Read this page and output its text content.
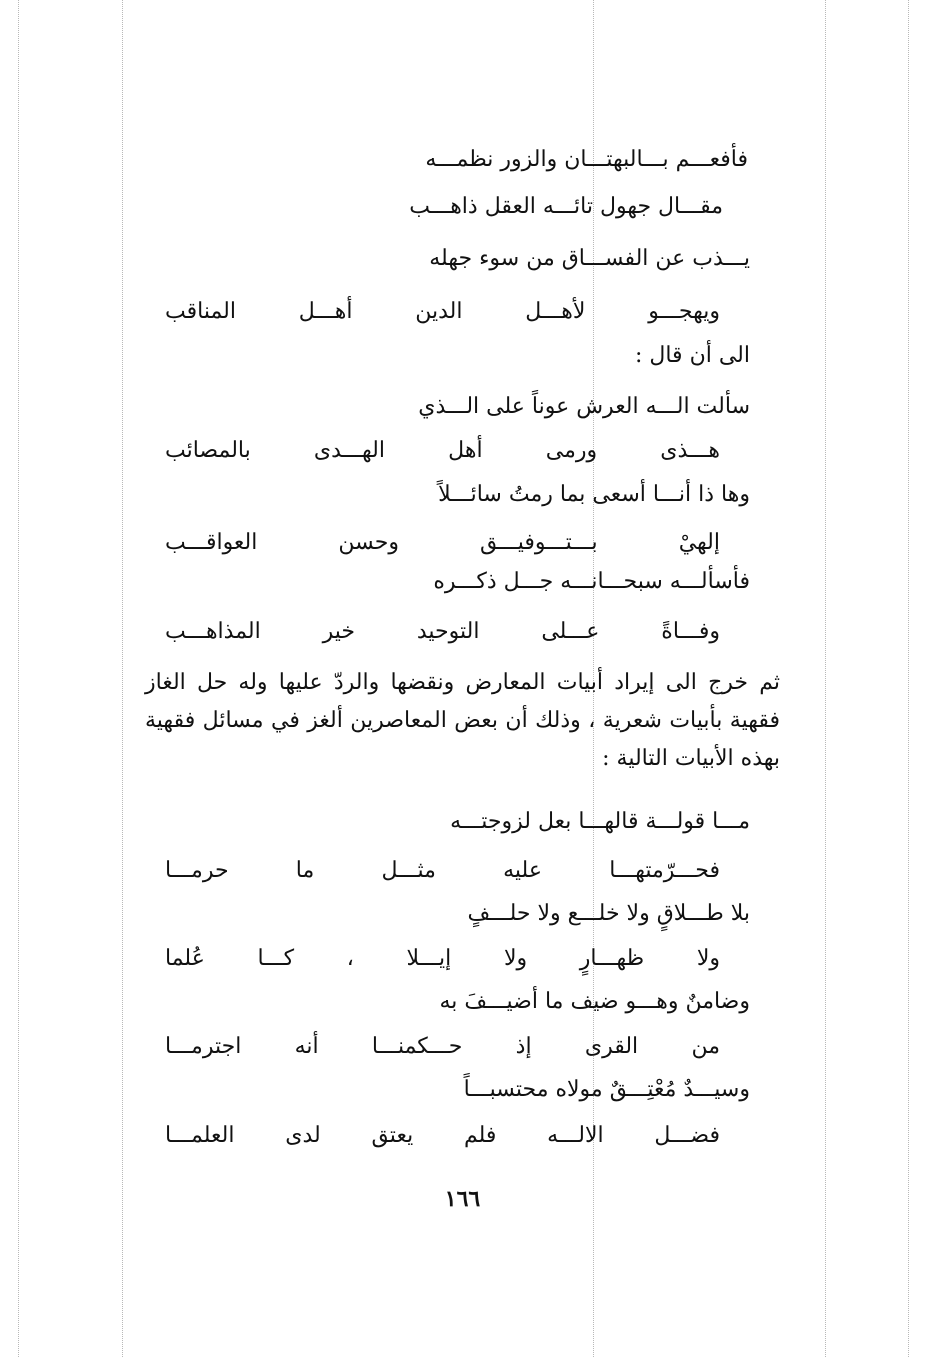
فأفعـــم بـــالبهتـــان والزور نظمـــه
مقـــال جهول تائـــه العقل ذاهـــب
يـــذب عن الفســـاق من سوء جهله
ويهجـــو لأهـــل الدين أهـــل المناقب
الى أن قال :
سألت الـــه العرش عوناً على الـــذي
هـــذى ورمى أهل الهـــدى بالمصائب
وها ذا أنـــا أسعى بما رمتُ سائـــلاً
إلهيْ بـــتـــوفيـــق وحسن العواقـــب
فأسألـــه سبحـــانـــه جـــل ذكـــره
وفـــاةً عـــلى التوحيد خير المذاهـــب
ثم خرج الى إيراد أبيات المعارض ونقضها والردّ عليها وله حل الغاز فقهية بأبيات شعرية ، وذلك أن بعض المعاصرين ألغز في مسائل فقهية بهذه الأبيات التالية :
مـــا قولـــة قالهـــا بعل لزوجتـــه
فحـــرّمتهـــا عليه مثـــل ما حرمـــا
بلا طـــلاقٍ ولا خلـــع ولا حلـــفٍ
ولا ظهـــارٍ ولا إيـــلا ، كـــا عُلما
وضامنٌ وهـــو ضيف ما أضيـــفَ به
من القرى إذ حـــكمنـــا أنه اجترمـــا
وسيـــدٌ مُعْتِـــقٌ مولاه محتسبـــاً
فضـــل الالـــه فلم يعتق لدى العلمـــا
١٦٦
